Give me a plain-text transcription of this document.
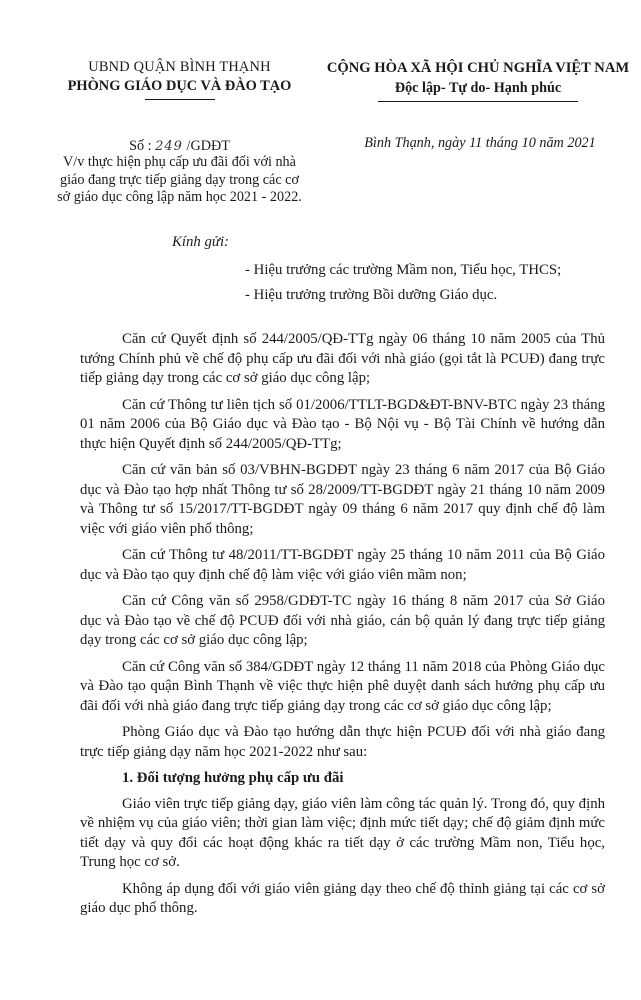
UBND QUẬN BÌNH THẠNH
PHÒNG GIÁO DỤC VÀ ĐÀO TẠO
CỘNG HÒA XÃ HỘI CHỦ NGHĨA VIỆT NAM
Độc lập- Tự do- Hạnh phúc
Số : 249 /GDĐT
V/v thực hiện phụ cấp ưu đãi đối với nhà giáo đang trực tiếp giảng dạy trong các cơ sở giáo dục công lập năm học 2021 - 2022.
Bình Thạnh, ngày 11 tháng 10 năm 2021
Kính gửi:
- Hiệu trưởng các trường Mầm non, Tiểu học, THCS;
- Hiệu trưởng trường Bồi dưỡng Giáo dục.

Căn cứ Quyết định số 244/2005/QĐ-TTg ngày 06 tháng 10 năm 2005 của Thủ tướng Chính phủ về chế độ phụ cấp ưu đãi đối với nhà giáo (gọi tắt là PCUĐ) đang trực tiếp giảng dạy trong các cơ sở giáo dục công lập;

Căn cứ Thông tư liên tịch số 01/2006/TTLT-BGD&ĐT-BNV-BTC ngày 23 tháng 01 năm 2006 của Bộ Giáo dục và Đào tạo - Bộ Nội vụ - Bộ Tài Chính về hướng dẫn thực hiện Quyết định số 244/2005/QĐ-TTg;

Căn cứ văn bản số 03/VBHN-BGDĐT ngày 23 tháng 6 năm 2017 của Bộ Giáo dục và Đào tạo hợp nhất Thông tư số 28/2009/TT-BGDĐT ngày 21 tháng 10 năm 2009 và Thông tư số 15/2017/TT-BGDĐT ngày 09 tháng 6 năm 2017 quy định chế độ làm việc với giáo viên phổ thông;

Căn cứ Thông tư 48/2011/TT-BGDĐT ngày 25 tháng 10 năm 2011 của Bộ Giáo dục và Đào tạo quy định chế độ làm việc với giáo viên mầm non;

Căn cứ Công văn số 2958/GDĐT-TC ngày 16 tháng 8 năm 2017 của Sở Giáo dục và Đào tạo về chế độ PCUĐ đối với nhà giáo, cán bộ quản lý đang trực tiếp giảng dạy trong các cơ sở giáo dục công lập;

Căn cứ Công văn số 384/GDĐT ngày 12 tháng 11 năm 2018 của Phòng Giáo dục và Đào tạo quận Bình Thạnh về việc thực hiện phê duyệt danh sách hưởng phụ cấp ưu đãi đối với nhà giáo đang trực tiếp giảng dạy trong các cơ sở giáo dục công lập;

Phòng Giáo dục và Đào tạo hướng dẫn thực hiện PCUĐ đối với nhà giáo đang trực tiếp giảng dạy năm học 2021-2022 như sau:

1. Đối tượng hưởng phụ cấp ưu đãi

Giáo viên trực tiếp giảng dạy, giáo viên làm công tác quản lý. Trong đó, quy định về nhiệm vụ của giáo viên; thời gian làm việc; định mức tiết dạy; chế độ giảm định mức tiết dạy và quy đổi các hoạt động khác ra tiết dạy ở các trường Mầm non, Tiểu học, Trung học cơ sở.

Không áp dụng đối với giáo viên giảng dạy theo chế độ thỉnh giảng tại các cơ sở giáo dục phổ thông.
